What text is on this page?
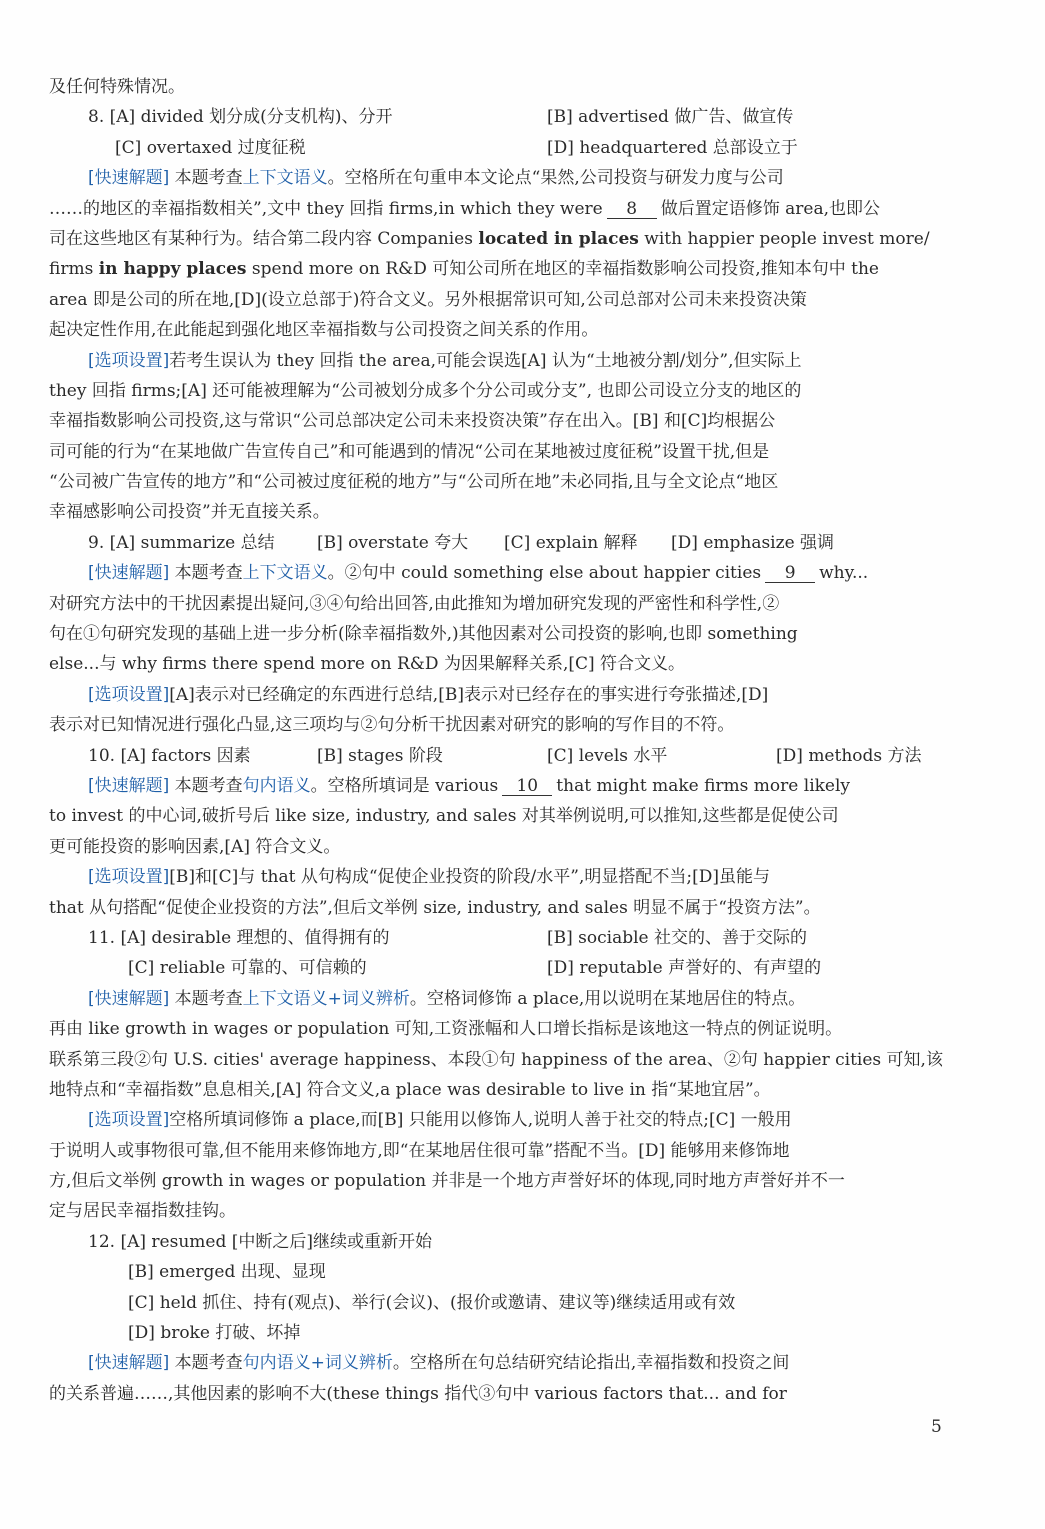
及任何特殊情况。
8. [A] divided 划分成(分支机构)、分开	[B] advertised 做广告、做宣传
[C] overtaxed 过度征税	[D] headquartered 总部设立于
[快速解题] 本题考查上下文语义。空格所在句重申本文论点“果然,公司投资与研发力度与公司
……的地区的幸福指数相关”,文中 they 回指 firms,in which they were 8 做后置定语修饰 area,也即公
司在这些地区有某种行为。结合第二段内容 Companies located in places with happier people invest more/
firms in happy places spend more on R&D 可知公司所在地区的幸福指数影响公司投资,推知本句中 the
area 即是公司的所在地,[D](设立总部于)符合文义。另外根据常识可知,公司总部对公司未来投资决策
起决定性作用,在此能起到强化地区幸福指数与公司投资之间关系的作用。
[选项设置]若考生误认为 they 回指 the area,可能会误选[A] 认为“土地被分割/划分”,但实际上
they 回指 firms;[A] 还可能被理解为“公司被划分成多个分公司或分支”, 也即公司设立分支的地区的
幸福指数影响公司投资,这与常识“公司总部决定公司未来投资决策”存在出入。[B] 和[C]均根据公
司可能的行为“在某地做广告宣传自己”和可能遇到的情况“公司在某地被过度征税”设置干扰,但是
“公司被广告宣传的地方”和“公司被过度征税的地方”与“公司所在地”未必同指,且与全文论点“地区
幸福感影响公司投资”并无直接关系。
9. [A] summarize 总结 [B] overstate 夸大 [C] explain 解释 [D] emphasize 强调
[快速解题] 本题考查上下文语义。②句中 could something else about happier cities 9 why...
对研究方法中的干扰因素提出疑问,③④句给出回答,由此推知为增加研究发现的严密性和科学性,②
句在①句研究发现的基础上进一步分析(除幸福指数外,)其他因素对公司投资的影响,也即 something
else...与 why firms there spend more on R&D 为因果解释关系,[C] 符合文义。
[选项设置][A]表示对已经确定的东西进行总结,[B]表示对已经存在的事实进行夸张描述,[D]
表示对已知情况进行强化凸显,这三项均与②句分析干扰因素对研究的影响的写作目的不符。
10. [A] factors 因素	[B] stages 阶段	[C] levels 水平	[D] methods 方法
[快速解题] 本题考查句内语义。空格所填词是 various 10 that might make firms more likely
to invest 的中心词,破折号后 like size, industry, and sales 对其举例说明,可以推知,这些都是促使公司
更可能投资的影响因素,[A] 符合文义。
[选项设置][B]和[C]与 that 从句构成“促使企业投资的阶段/水平”,明显搭配不当;[D]虽能与
that 从句搭配“促使企业投资的方法”,但后文举例 size, industry, and sales 明显不属于“投资方法”。
11. [A] desirable 理想的、值得拥有的	[B] sociable 社交的、善于交际的
[C] reliable 可靠的、可信赖的	[D] reputable 声誉好的、有声望的
[快速解题] 本题考查上下文语义+词义辨析。空格词修饰 a place,用以说明在某地居住的特点。
再由 like growth in wages or population 可知,工资涨幅和人口增长指标是该地这一特点的例证说明。
联系第三段②句 U.S. cities' average happiness、本段①句 happiness of the area、②句 happier cities 可知,该
地特点和“幸福指数”息息相关,[A] 符合文义,a place was desirable to live in 指“某地宜居”。
[选项设置]空格所填词修饰 a place,而[B] 只能用以修饰人,说明人善于社交的特点;[C] 一般用
于说明人或事物很可靠,但不能用来修饰地方,即“在某地居住很可靠”搭配不当。[D] 能够用来修饰地
方,但后文举例 growth in wages or population 并非是一个地方声誉好坏的体现,同时地方声誉好并不一
定与居民幸福指数挂钩。
12. [A] resumed [中断之后]继续或重新开始
[B] emerged 出现、显现
[C] held 抓住、持有(观点)、举行(会议)、(报价或邀请、建议等)继续适用或有效
[D] broke 打破、坏掉
[快速解题] 本题考查句内语义+词义辨析。空格所在句总结研究结论指出,幸福指数和投资之间
的关系普遍……,其他因素的影响不大(these things 指代③句中 various factors that... and for
5
